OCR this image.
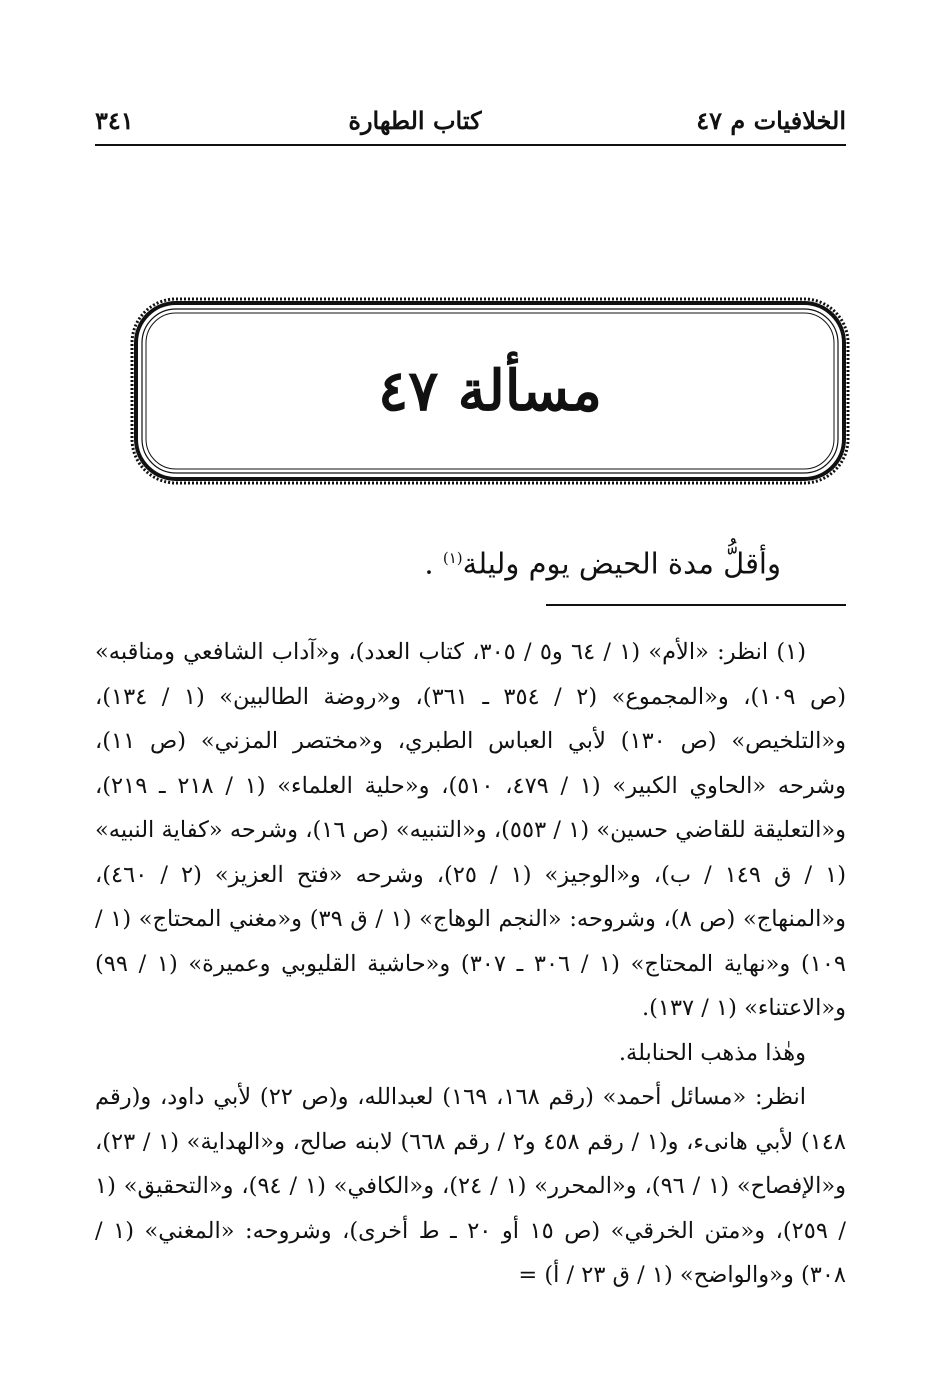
الخلافيات م ٤٧
كتاب الطهارة
٣٤١
مسألة ٤٧
وأقلُّ مدة الحيض يوم وليلة$^{(١)}$ .

(١) انظر: «الأم» (١ / ٦٤ و٥ / ٣٠٥، كتاب العدد)، و«آداب الشافعي ومناقبه» (ص ١٠٩)، و«المجموع» (٢ / ٣٥٤ ـ ٣٦١)، و«روضة الطالبين» (١ / ١٣٤)، و«التلخيص» (ص ١٣٠) لأبي العباس الطبري، و«مختصر المزني» (ص ١١)، وشرحه «الحاوي الكبير» (١ / ٤٧٩، ٥١٠)، و«حلية العلماء» (١ / ٢١٨ ـ ٢١٩)، و«التعليقة للقاضي حسين» (١ / ٥٥٣)، و«التنبيه» (ص ١٦)، وشرحه «كفاية النبيه» (١ / ق ١٤٩ / ب)، و«الوجيز» (١ / ٢٥)، وشرحه «فتح العزيز» (٢ / ٤٦٠)، و«المنهاج» (ص ٨)، وشروحه: «النجم الوهاج» (١ / ق ٣٩) و«مغني المحتاج» (١ / ١٠٩) و«نهاية المحتاج» (١ / ٣٠٦ ـ ٣٠٧) و«حاشية القليوبي وعميرة» (١ / ٩٩) و«الاعتناء» (١ / ١٣٧).

وهٰذا مذهب الحنابلة.

انظر: «مسائل أحمد» (رقم ١٦٨، ١٦٩) لعبدالله، و(ص ٢٢) لأبي داود، و(رقم ١٤٨) لأبي هانىء، و(١ / رقم ٤٥٨ و٢ / رقم ٦٦٨) لابنه صالح، و«الهداية» (١ / ٢٣)، و«الإفصاح» (١ / ٩٦)، و«المحرر» (١ / ٢٤)، و«الكافي» (١ / ٩٤)، و«التحقيق» (١ / ٢٥٩)، و«متن الخرقي» (ص ١٥ أو ٢٠ ـ ط أخرى)، وشروحه: «المغني» (١ / ٣٠٨) و«والواضح» (١ / ق ٢٣ / أ) =
